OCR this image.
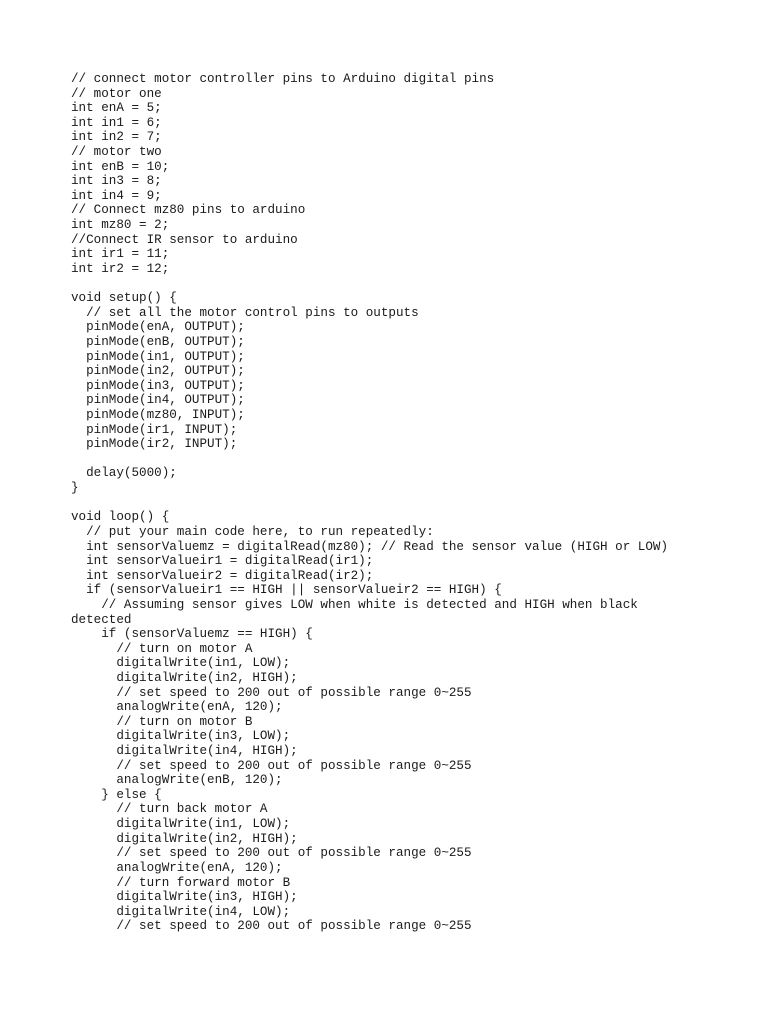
// connect motor controller pins to Arduino digital pins
// motor one
int enA = 5;
int in1 = 6;
int in2 = 7;
// motor two
int enB = 10;
int in3 = 8;
int in4 = 9;
// Connect mz80 pins to arduino
int mz80 = 2;
//Connect IR sensor to arduino
int ir1 = 11;
int ir2 = 12;
void setup() {
// set all the motor control pins to outputs
pinMode(enA, OUTPUT);
pinMode(enB, OUTPUT);
pinMode(in1, OUTPUT);
pinMode(in2, OUTPUT);
pinMode(in3, OUTPUT);
pinMode(in4, OUTPUT);
pinMode(mz80, INPUT);
pinMode(ir1, INPUT);
pinMode(ir2, INPUT);
delay(5000);
}
void loop() {
// put your main code here, to run repeatedly:
int sensorValuemz = digitalRead(mz80); // Read the sensor value (HIGH or LOW)
int sensorValueir1 = digitalRead(ir1);
int sensorValueir2 = digitalRead(ir2);
if (sensorValueir1 == HIGH || sensorValueir2 == HIGH) {
// Assuming sensor gives LOW when white is detected and HIGH when black
detected
if (sensorValuemz == HIGH) {
// turn on motor A
digitalWrite(in1, LOW);
digitalWrite(in2, HIGH);
// set speed to 200 out of possible range 0~255
analogWrite(enA, 120);
// turn on motor B
digitalWrite(in3, LOW);
digitalWrite(in4, HIGH);
// set speed to 200 out of possible range 0~255
analogWrite(enB, 120);
} else {
// turn back motor A
digitalWrite(in1, LOW);
digitalWrite(in2, HIGH);
// set speed to 200 out of possible range 0~255
analogWrite(enA, 120);
// turn forward motor B
digitalWrite(in3, HIGH);
digitalWrite(in4, LOW);
// set speed to 200 out of possible range 0~255
